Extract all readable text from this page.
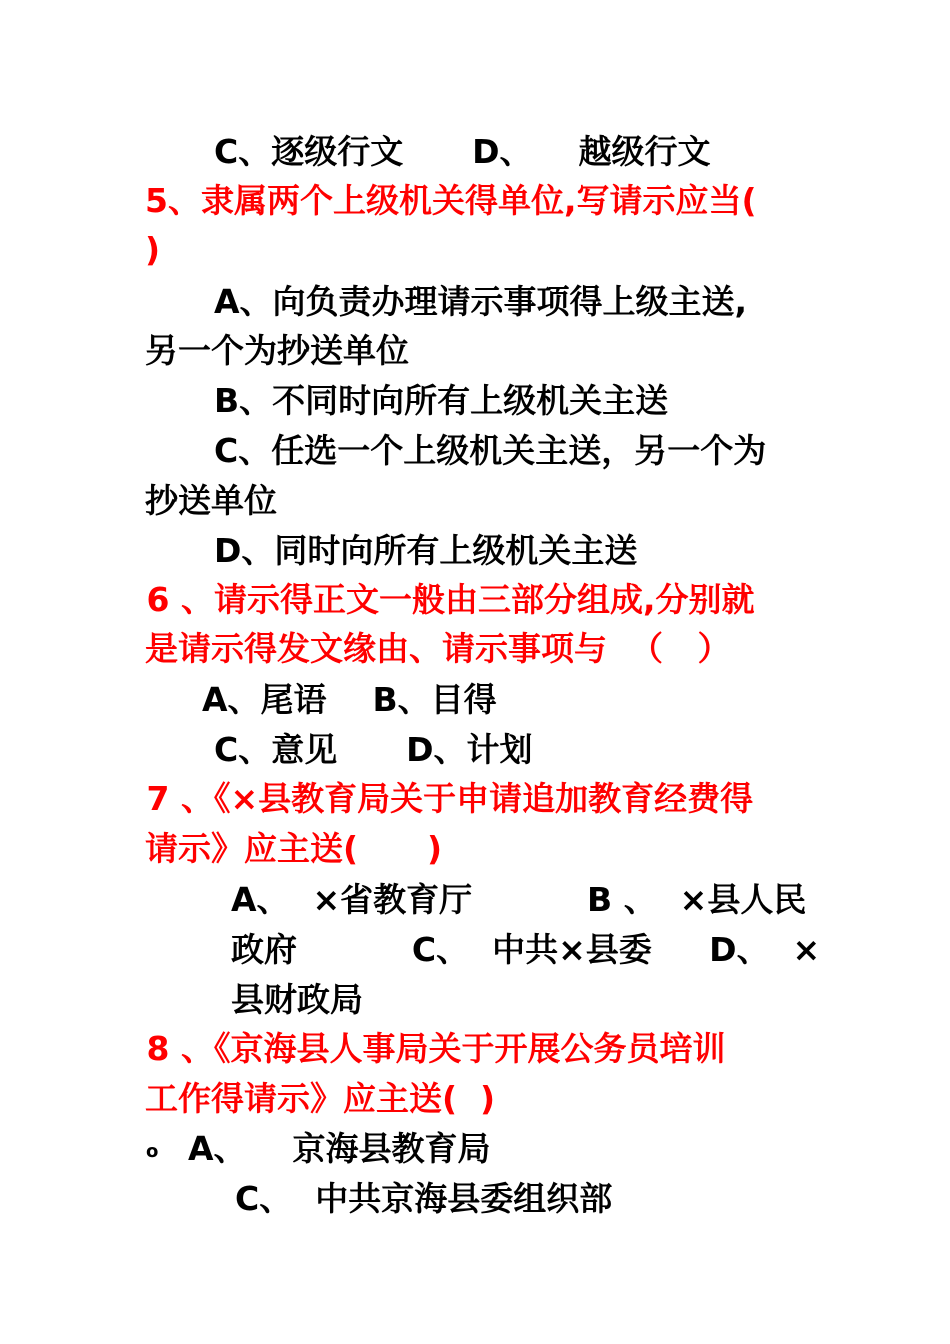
C、逐级行文      D、    越级行文
5、隶属两个上级机关得单位,写请示应当(
)
A、向负责办理请示事项得上级主送,
另一个为抄送单位
B、不同时向所有上级机关主送
C、任选一个上级机关主送，另一个为
抄送单位
D、同时向所有上级机关主送
6 、请示得正文一般由三部分组成,分别就
是请示得发文缘由、请示事项与  （   ）
A、尾语    B、目得
C、意见      D、计划
7 、《×县教育局关于申请追加教育经费得
请示》应主送(      )
A、  ×省教育厅          B 、  ×县人民
政府          C、  中共×县委     D、  ×
县财政局
8 、《京海县人事局关于开展公务员培训
工作得请示》应主送(  )
o A、    京海县教育局
C、  中共京海县委组织部
